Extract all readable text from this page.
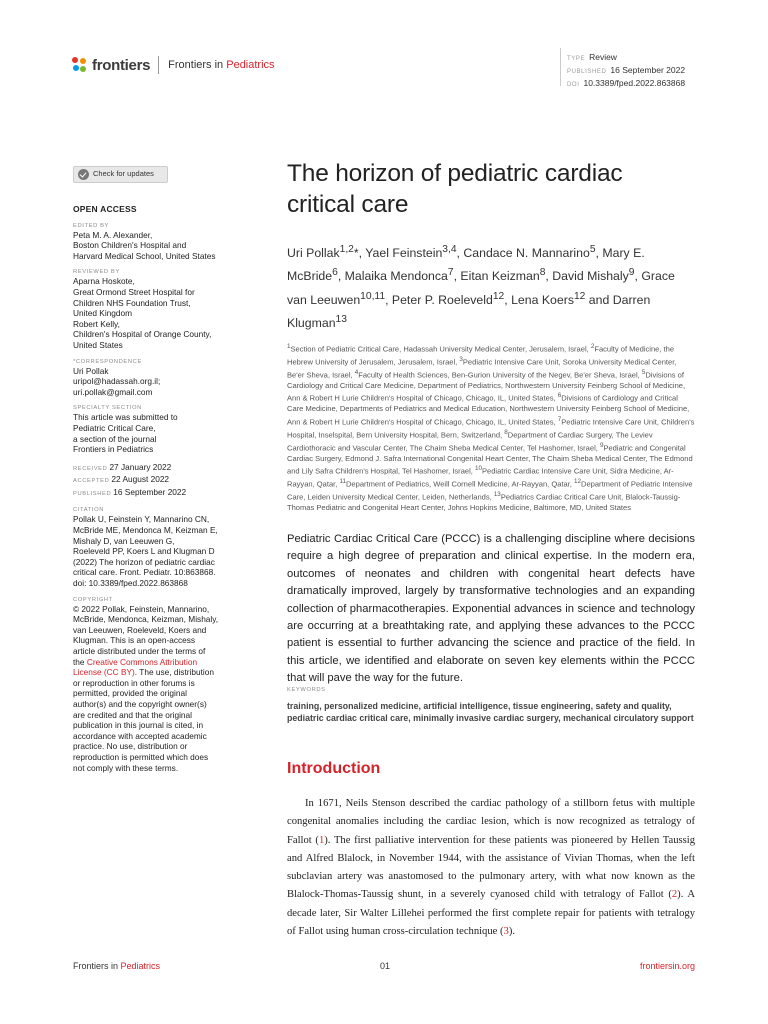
frontiers Frontiers in Pediatrics	TYPE Review
PUBLISHED 16 September 2022
DOI 10.3389/fped.2022.863868
Check for updates
OPEN ACCESS
EDITED BY
Peta M. A. Alexander,
Boston Children's Hospital and
Harvard Medical School, United States
REVIEWED BY
Aparna Hoskote,
Great Ormond Street Hospital for
Children NHS Foundation Trust,
United Kingdom
Robert Kelly,
Children's Hospital of Orange County,
United States
*CORRESPONDENCE
Uri Pollak
uripol@hadassah.org.il;
uri.pollak@gmail.com
SPECIALTY SECTION
This article was submitted to
Pediatric Critical Care,
a section of the journal
Frontiers in Pediatrics
RECEIVED 27 January 2022
ACCEPTED 22 August 2022
PUBLISHED 16 September 2022
CITATION
Pollak U, Feinstein Y, Mannarino CN,
McBride ME, Mendonca M, Keizman E,
Mishaly D, van Leeuwen G,
Roeleveld PP, Koers L and Klugman D
(2022) The horizon of pediatric cardiac
critical care. Front. Pediatr. 10:863868.
doi: 10.3389/fped.2022.863868
COPYRIGHT
© 2022 Pollak, Feinstein, Mannarino,
McBride, Mendonca, Keizman, Mishaly,
van Leeuwen, Roeleveld, Koers and
Klugman. This is an open-access
article distributed under the terms of
the Creative Commons Attribution
License (CC BY). The use, distribution
or reproduction in other forums is
permitted, provided the original
author(s) and the copyright owner(s)
are credited and that the original
publication in this journal is cited, in
accordance with accepted academic
practice. No use, distribution or
reproduction is permitted which does
not comply with these terms.
The horizon of pediatric cardiac
critical care
Uri Pollak$^{1,2}$*, Yael Feinstein$^{3,4}$, Candace N. Mannarino$^5$, Mary E. McBride$^6$, Malaika Mendonca$^7$, Eitan Keizman$^8$, David Mishaly$^9$, Grace van Leeuwen$^{10,11}$, Peter P. Roeleveld$^{12}$, Lena Koers$^{12}$ and Darren Klugman$^{13}$
$^1$Section of Pediatric Critical Care, Hadassah University Medical Center, Jerusalem, Israel, $^2$Faculty of Medicine, the Hebrew University of Jerusalem, Jerusalem, Israel, $^3$Pediatric Intensive Care Unit, Soroka University Medical Center, Be'er Sheva, Israel, $^4$Faculty of Health Sciences, Ben-Gurion University of the Negev, Be'er Sheva, Israel, $^5$Divisions of Cardiology and Critical Care Medicine, Department of Pediatrics, Northwestern University Feinberg School of Medicine, Ann & Robert H Lurie Children's Hospital of Chicago, Chicago, IL, United States, $^6$Divisions of Cardiology and Critical Care Medicine, Departments of Pediatrics and Medical Education, Northwestern University Feinberg School of Medicine, Ann & Robert H Lurie Children's Hospital of Chicago, Chicago, IL, United States, $^7$Pediatric Intensive Care Unit, Children's Hospital, Inselspital, Bern University Hospital, Bern, Switzerland, $^8$Department of Cardiac Surgery, The Leviev Cardiothoracic and Vascular Center, The Chaim Sheba Medical Center, Tel Hashomer, Israel, $^9$Pediatric and Congenital Cardiac Surgery, Edmond J. Safra International Congenital Heart Center, The Chaim Sheba Medical Center, The Edmond and Lily Safra Children's Hospital, Tel Hashomer, Israel, $^{10}$Pediatric Cardiac Intensive Care Unit, Sidra Medicine, Ar-Rayyan, Qatar, $^{11}$Department of Pediatrics, Weill Cornell Medicine, Ar-Rayyan, Qatar, $^{12}$Department of Pediatric Intensive Care, Leiden University Medical Center, Leiden, Netherlands, $^{13}$Pediatrics Cardiac Critical Care Unit, Blalock-Taussig-Thomas Pediatric and Congenital Heart Center, Johns Hopkins Medicine, Baltimore, MD, United States
Pediatric Cardiac Critical Care (PCCC) is a challenging discipline where decisions require a high degree of preparation and clinical expertise. In the modern era, outcomes of neonates and children with congenital heart defects have dramatically improved, largely by transformative technologies and an expanding collection of pharmacotherapies. Exponential advances in science and technology are occurring at a breathtaking rate, and applying these advances to the PCCC patient is essential to further advancing the science and practice of the field. In this article, we identified and elaborate on seven key elements within the PCCC that will pave the way for the future.
KEYWORDS
training, personalized medicine, artificial intelligence, tissue engineering, safety and quality, pediatric cardiac critical care, minimally invasive cardiac surgery, mechanical circulatory support
Introduction
In 1671, Neils Stenson described the cardiac pathology of a stillborn fetus with multiple congenital anomalies including the cardiac lesion, which is now recognized as tetralogy of Fallot (1). The first palliative intervention for these patients was pioneered by Hellen Taussig and Alfred Blalock, in November 1944, with the assistance of Vivian Thomas, when the left subclavian artery was anastomosed to the pulmonary artery, with what now known as the Blalock-Thomas-Taussig shunt, in a severely cyanosed child with tetralogy of Fallot (2). A decade later, Sir Walter Lillehei performed the first complete repair for patients with tetralogy of Fallot using human cross-circulation technique (3).
Frontiers in Pediatrics	01	frontiersin.org
